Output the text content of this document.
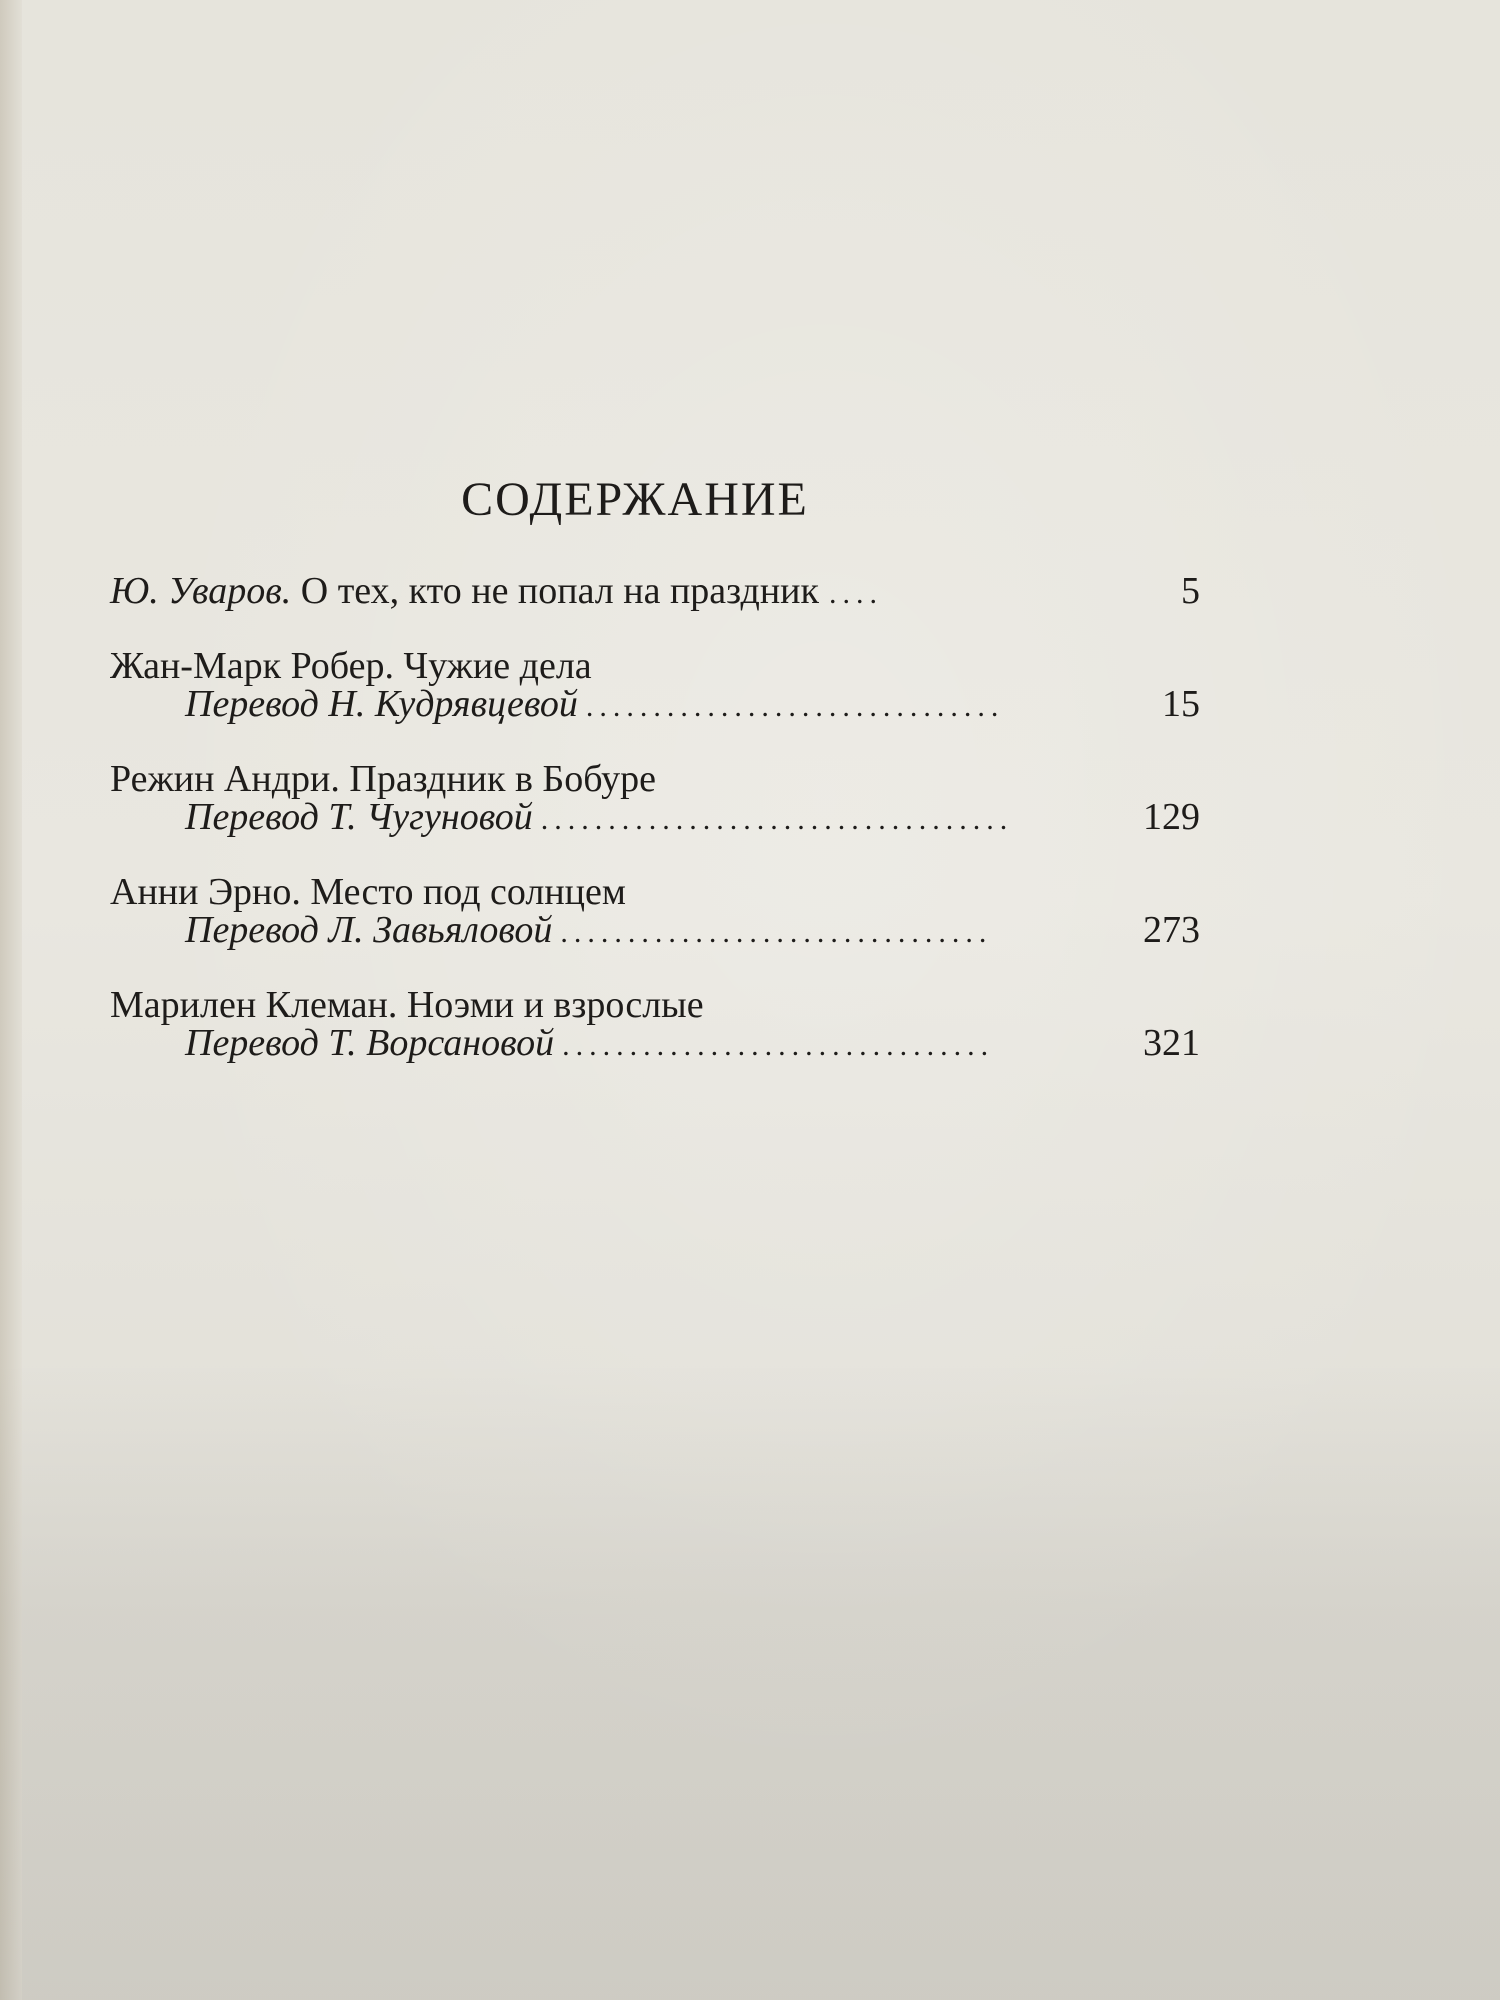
СОДЕРЖАНИЕ
Ю. Уваров. О тех, кто не попал на праздник ....	5
Жан-Марк Робер. Чужие дела
Перевод Н. Кудрявцевой ...............................	15
Режин Андри. Праздник в Бобуре
Перевод Т. Чугуновой ...................................	129
Анни Эрно. Место под солнцем
Перевод Л. Завьяловой ................................	273
Марилен Клеман. Ноэми и взрослые
Перевод Т. Ворсановой ................................	321
